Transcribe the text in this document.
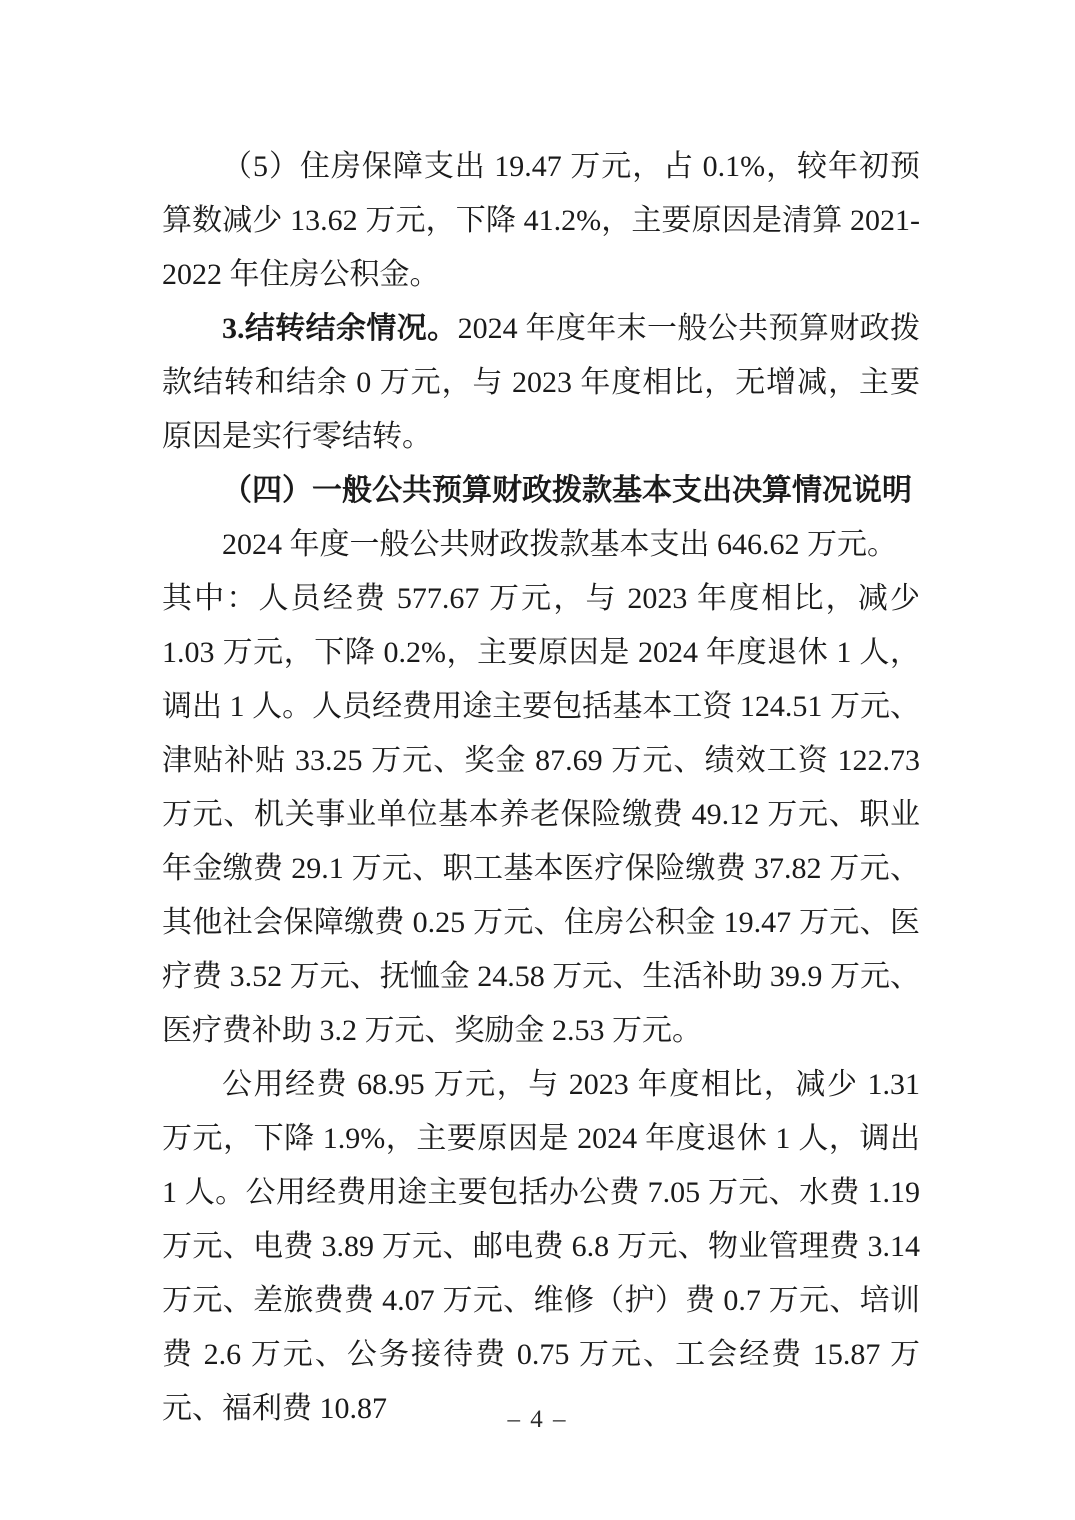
（5）住房保障支出 19.47 万元，占 0.1%，较年初预算数减少 13.62 万元，下降 41.2%，主要原因是清算 2021-2022 年住房公积金。

3.结转结余情况。2024 年度年末一般公共预算财政拨款结转和结余 0 万元，与 2023 年度相比，无增减，主要原因是实行零结转。

（四）一般公共预算财政拨款基本支出决算情况说明

2024 年度一般公共财政拨款基本支出 646.62 万元。

其中：人员经费 577.67 万元，与 2023 年度相比，减少 1.03 万元，下降 0.2%，主要原因是 2024 年度退休 1 人，调出 1 人。人员经费用途主要包括基本工资 124.51 万元、津贴补贴 33.25 万元、奖金 87.69 万元、绩效工资 122.73 万元、机关事业单位基本养老保险缴费 49.12 万元、职业年金缴费 29.1 万元、职工基本医疗保险缴费 37.82 万元、其他社会保障缴费 0.25 万元、住房公积金 19.47 万元、医疗费 3.52 万元、抚恤金 24.58 万元、生活补助 39.9 万元、医疗费补助 3.2 万元、奖励金 2.53 万元。

公用经费 68.95 万元，与 2023 年度相比，减少 1.31 万元，下降 1.9%，主要原因是 2024 年度退休 1 人，调出 1 人。公用经费用途主要包括办公费 7.05 万元、水费 1.19 万元、电费 3.89 万元、邮电费 6.8 万元、物业管理费 3.14 万元、差旅费费 4.07 万元、维修（护）费 0.7 万元、培训费 2.6 万元、公务接待费 0.75 万元、工会经费 15.87 万元、福利费 10.87	– 4 –
